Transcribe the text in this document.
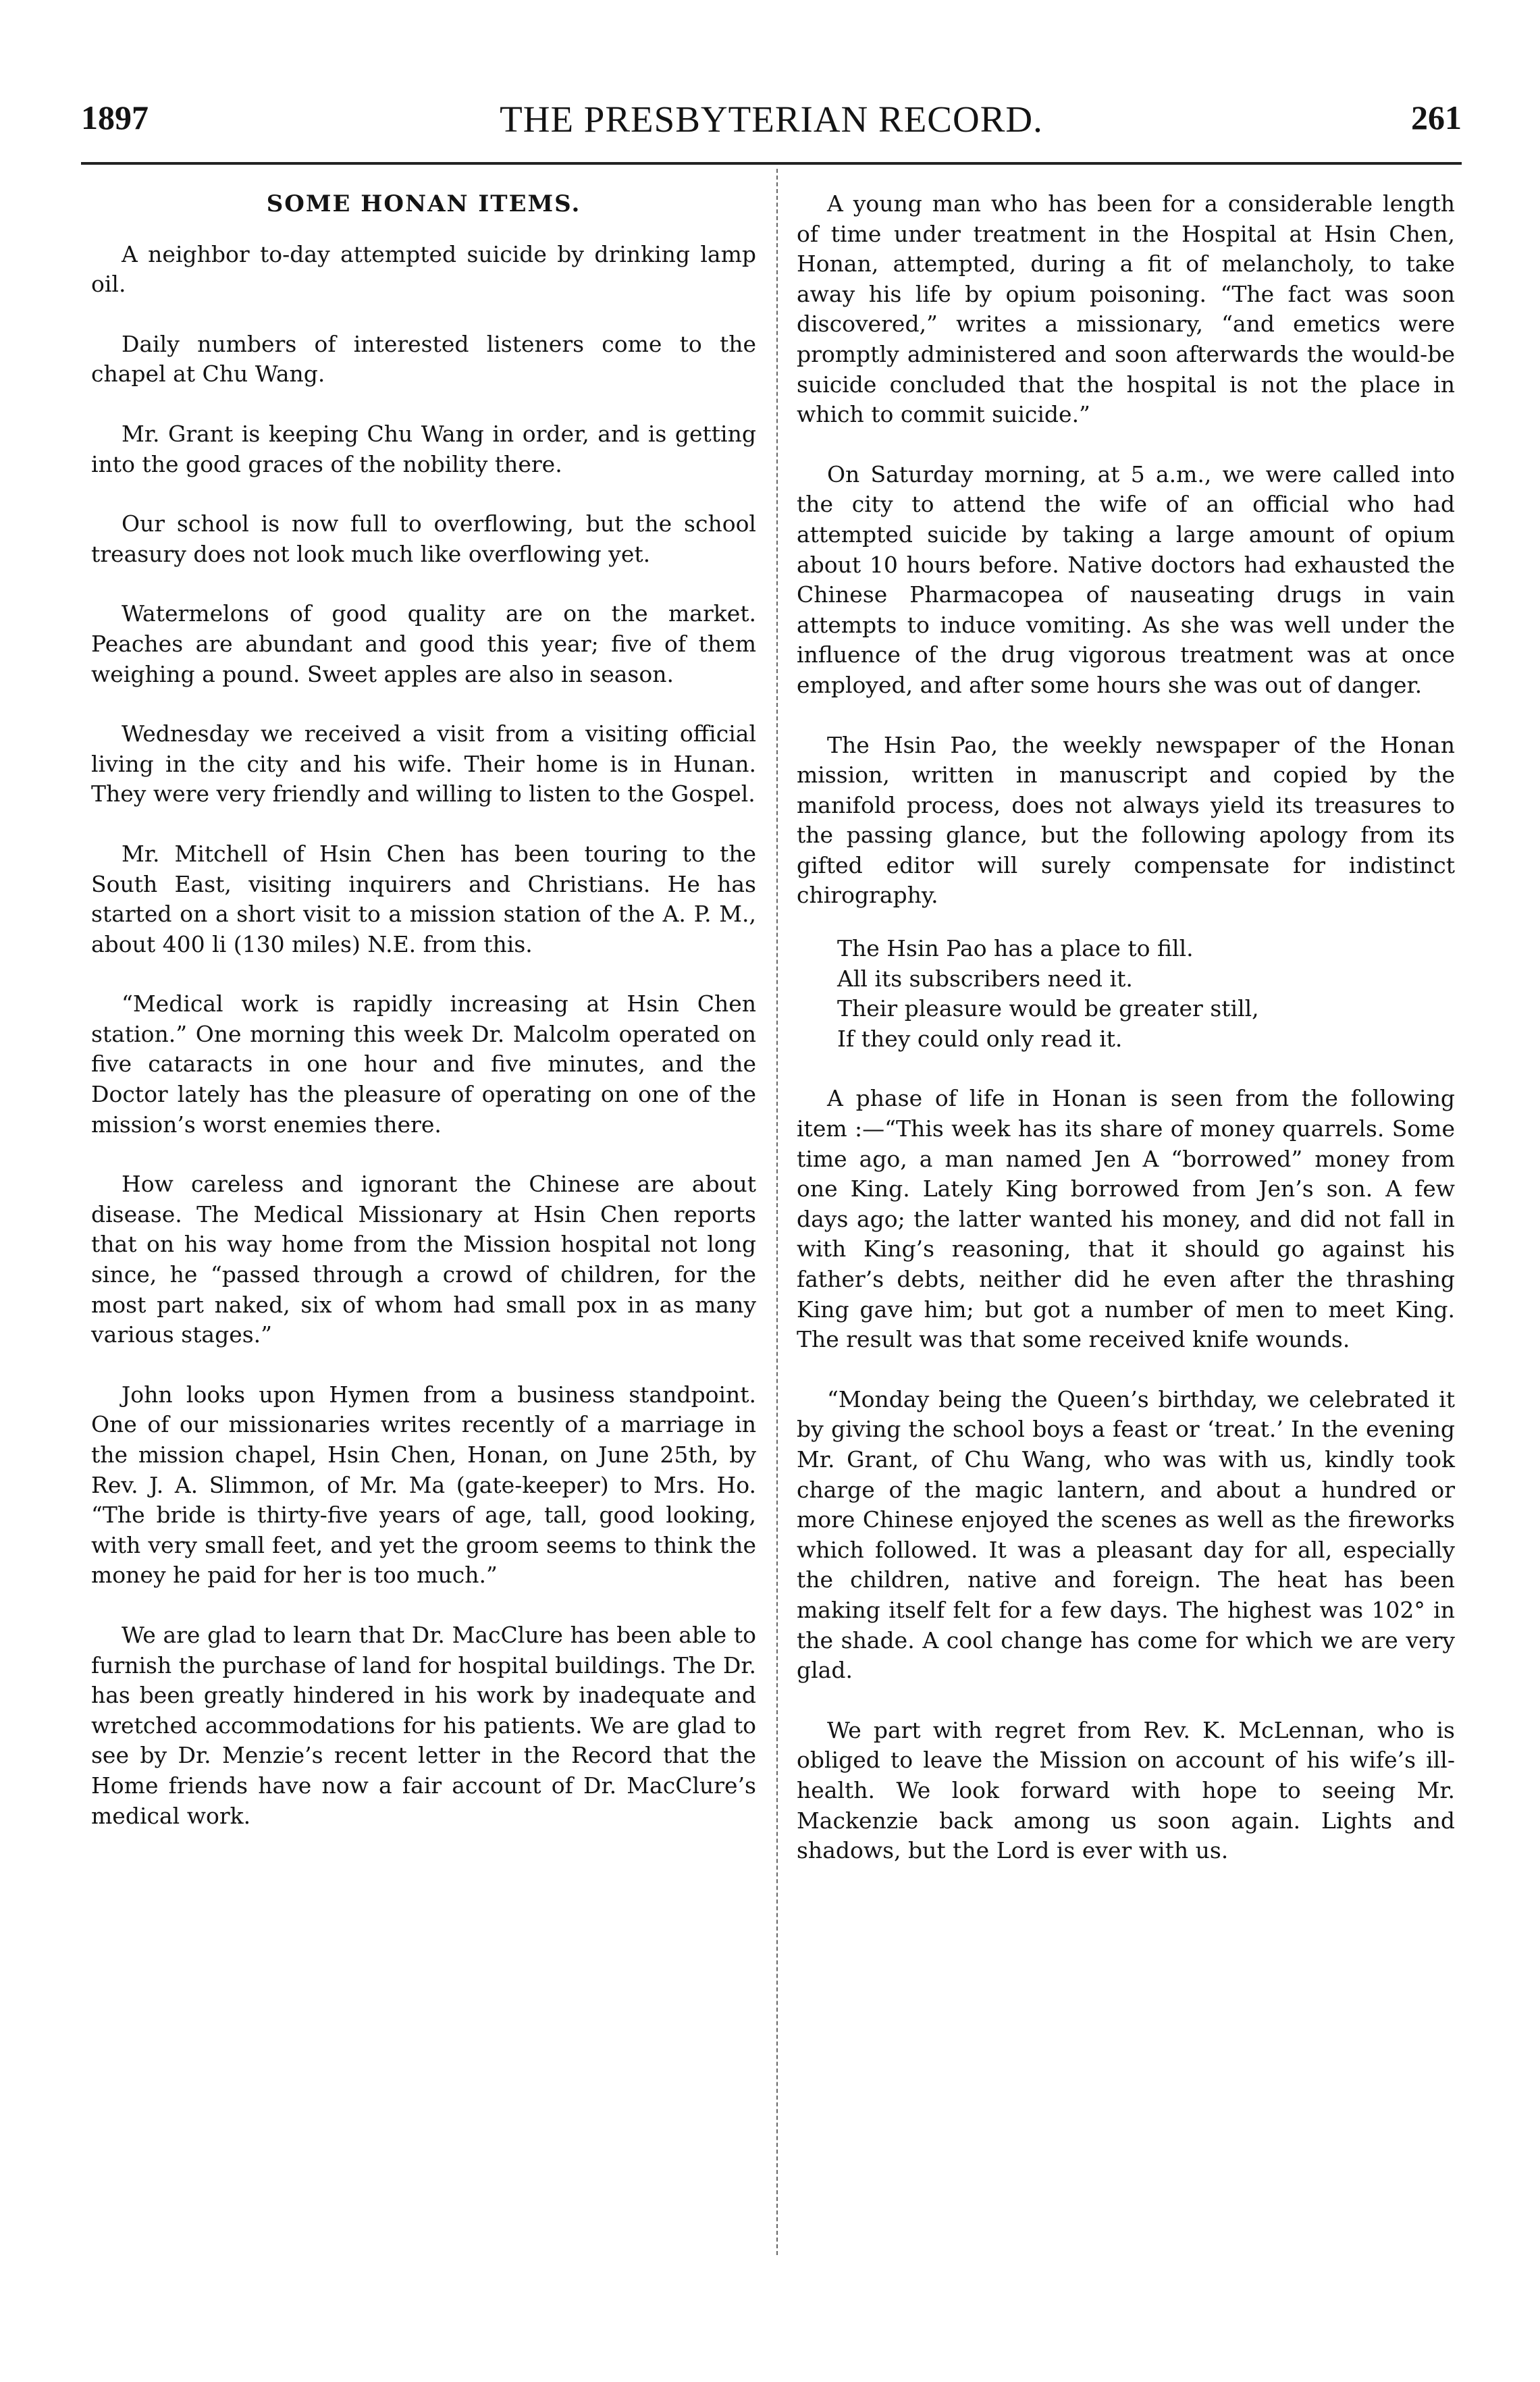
1897	THE PRESBYTERIAN RECORD.	261
SOME HONAN ITEMS.

A neighbor to-day attempted suicide by drinking lamp oil.

Daily numbers of interested listeners come to the chapel at Chu Wang.

Mr. Grant is keeping Chu Wang in order, and is getting into the good graces of the nobility there.

Our school is now full to overflowing, but the school treasury does not look much like overflowing yet.

Watermelons of good quality are on the market. Peaches are abundant and good this year; five of them weighing a pound. Sweet apples are also in season.

Wednesday we received a visit from a visiting official living in the city and his wife. Their home is in Hunan. They were very friendly and willing to listen to the Gospel.

Mr. Mitchell of Hsin Chen has been touring to the South East, visiting inquirers and Christians. He has started on a short visit to a mission station of the A. P. M., about 400 li (130 miles) N.E. from this.

“Medical work is rapidly increasing at Hsin Chen station.” One morning this week Dr. Malcolm operated on five cataracts in one hour and five minutes, and the Doctor lately has the pleasure of operating on one of the mission’s worst enemies there.

How careless and ignorant the Chinese are about disease. The Medical Missionary at Hsin Chen reports that on his way home from the Mission hospital not long since, he “passed through a crowd of children, for the most part naked, six of whom had small pox in as many various stages.”

John looks upon Hymen from a business standpoint. One of our missionaries writes recently of a marriage in the mission chapel, Hsin Chen, Honan, on June 25th, by Rev. J. A. Slimmon, of Mr. Ma (gate-keeper) to Mrs. Ho. “The bride is thirty-five years of age, tall, good looking, with very small feet, and yet the groom seems to think the money he paid for her is too much.”

We are glad to learn that Dr. MacClure has been able to furnish the purchase of land for hospital buildings. The Dr. has been greatly hindered in his work by inadequate and wretched accommodations for his patients. We are glad to see by Dr. Menzie’s recent letter in the Record that the Home friends have now a fair account of Dr. MacClure’s medical work.

A young man who has been for a considerable length of time under treatment in the Hospital at Hsin Chen, Honan, attempted, during a fit of melancholy, to take away his life by opium poisoning. “The fact was soon discovered,” writes a missionary, “and emetics were promptly administered and soon afterwards the would-be suicide concluded that the hospital is not the place in which to commit suicide.”

On Saturday morning, at 5 a.m., we were called into the city to attend the wife of an official who had attempted suicide by taking a large amount of opium about 10 hours before. Native doctors had exhausted the Chinese Pharmacopea of nauseating drugs in vain attempts to induce vomiting. As she was well under the influence of the drug vigorous treatment was at once employed, and after some hours she was out of danger.

The Hsin Pao, the weekly newspaper of the Honan mission, written in manuscript and copied by the manifold process, does not always yield its treasures to the passing glance, but the following apology from its gifted editor will surely compensate for indistinct chirography.

The Hsin Pao has a place to fill.
All its subscribers need it.
Their pleasure would be greater still,
If they could only read it.

A phase of life in Honan is seen from the following item :—“This week has its share of money quarrels. Some time ago, a man named Jen A “borrowed” money from one King. Lately King borrowed from Jen’s son. A few days ago; the latter wanted his money, and did not fall in with King’s reasoning, that it should go against his father’s debts, neither did he even after the thrashing King gave him; but got a number of men to meet King. The result was that some received knife wounds.

“Monday being the Queen’s birthday, we celebrated it by giving the school boys a feast or ‘treat.’ In the evening Mr. Grant, of Chu Wang, who was with us, kindly took charge of the magic lantern, and about a hundred or more Chinese enjoyed the scenes as well as the fireworks which followed. It was a pleasant day for all, especially the children, native and foreign. The heat has been making itself felt for a few days. The highest was 102° in the shade. A cool change has come for which we are very glad.

We part with regret from Rev. K. McLennan, who is obliged to leave the Mission on account of his wife’s ill-health. We look forward with hope to seeing Mr. Mackenzie back among us soon again. Lights and shadows, but the Lord is ever with us.
